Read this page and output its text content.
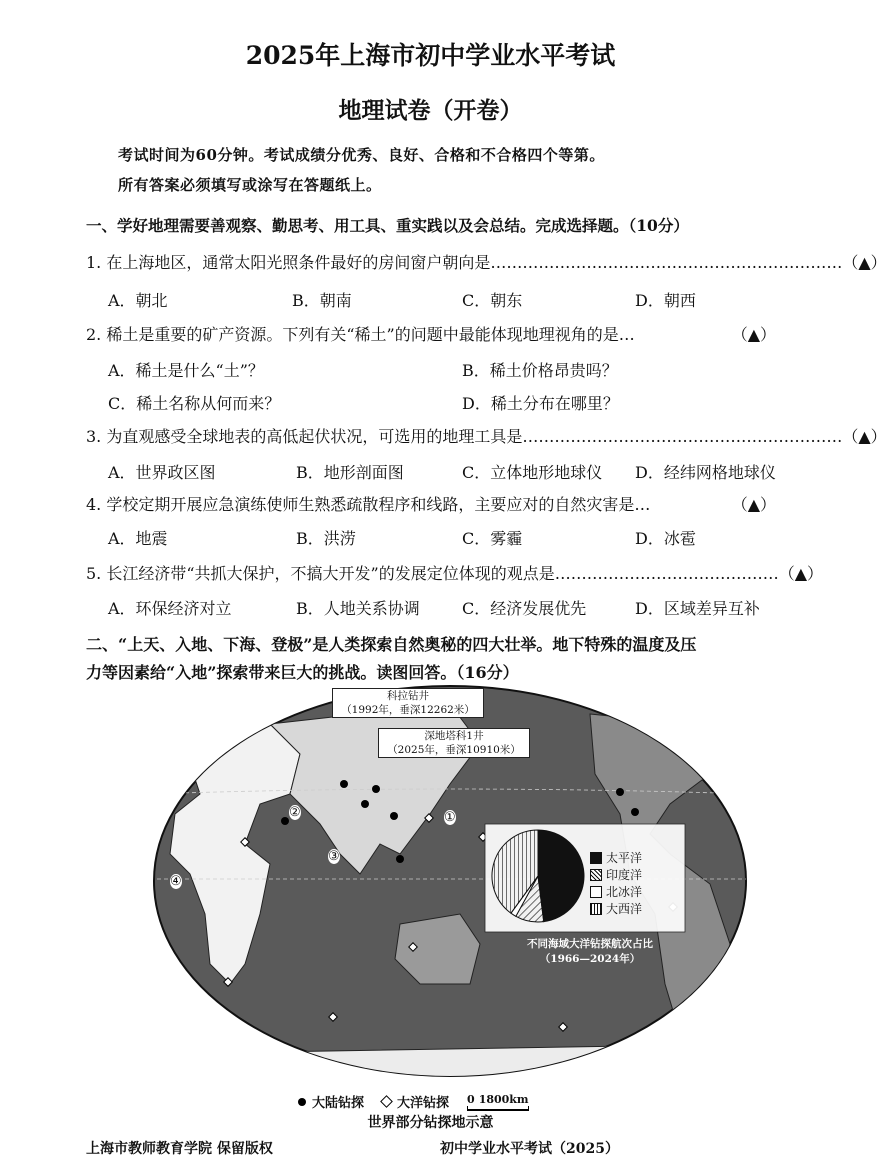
2025年上海市初中学业水平考试
地理试卷（开卷）
考试时间为60分钟。考试成绩分优秀、良好、合格和不合格四个等第。
所有答案必须填写或涂写在答题纸上。
一、学好地理需要善观察、勤思考、用工具、重实践以及会总结。完成选择题。（10分）
1. 在上海地区，通常太阳光照条件最好的房间窗户朝向是………………………………………………………… （▲）
A．朝北	B．朝南	C．朝东	D．朝西
2. 稀土是重要的矿产资源。下列有关“稀土”的问题中最能体现地理视角的是…	（▲）
A．稀土是什么“土”？	B．稀土价格昂贵吗？
C．稀土名称从何而来？	D．稀土分布在哪里？
3. 为直观感受全球地表的高低起伏状况，可选用的地理工具是…………………………………………………… （▲）
A．世界政区图	B．地形剖面图	C．立体地形地球仪 D．经纬网格地球仪
4. 学校定期开展应急演练使师生熟悉疏散程序和线路，主要应对的自然灾害是…	（▲）
A．地震	B．洪涝	C．雾霾	D．冰雹
5. 长江经济带“共抓大保护，不搞大开发”的发展定位体现的观点是…………………………………… （▲）
A．环保经济对立	B．人地关系协调	C．经济发展优先	D．区域差异互补
二、“上天、入地、下海、登极”是人类探索自然奥秘的四大壮举。地下特殊的温度及压
力等因素给“入地”探索带来巨大的挑战。读图回答。（16分）
②	①
③
④
科拉钻井
（1992年，垂深12262米）
深地塔科1井
（2025年，垂深10910米）
太平洋
印度洋
北冰洋
大西洋
不同海域大洋钻探航次占比
（1966—2024年）
大陆钻探	大洋钻探 0 1800km
世界部分钻探地示意
上海市教师教育学院 保留版权	初中学业水平考试（2025）
